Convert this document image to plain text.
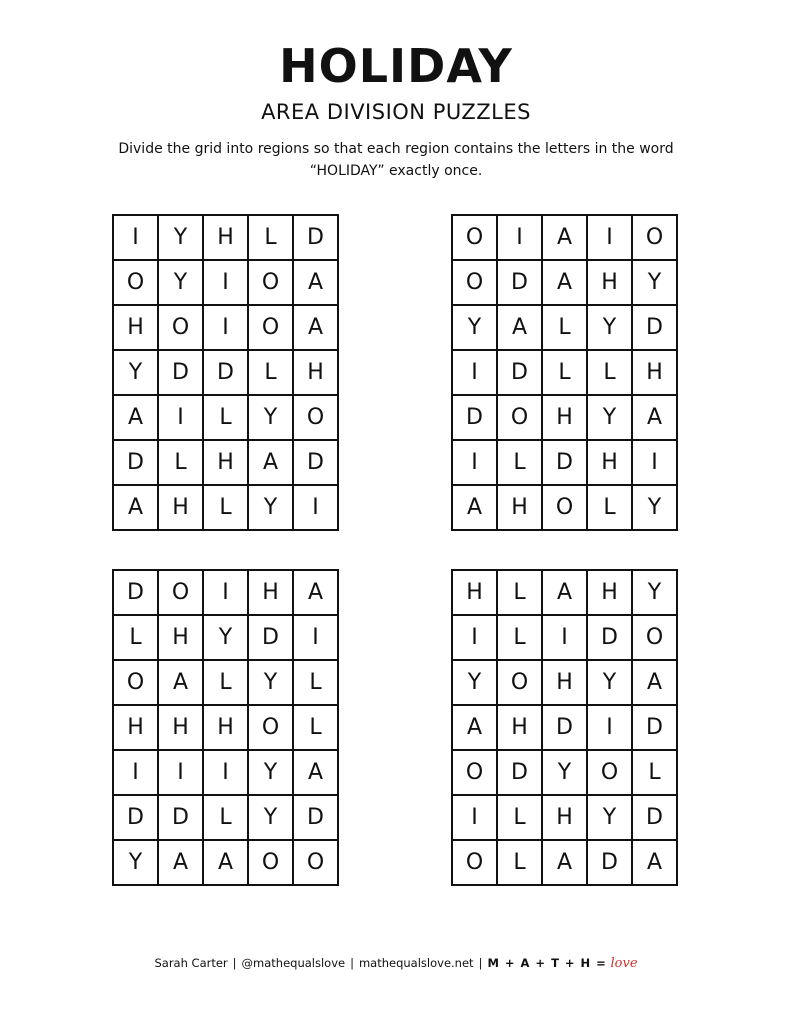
HOLIDAY
AREA DIVISION PUZZLES
Divide the grid into regions so that each region contains the letters in the word “HOLIDAY” exactly once.
I	Y	H	L	D
O	Y	I	O	A
H	O	I	O	A
Y	D	D	L	H
A	I	L	Y	O
D	L	H	A	D
A	H	L	Y	I
O	I	A	I	O
O	D	A	H	Y
Y	A	L	Y	D
I	D	L	L	H
D	O	H	Y	A
I	L	D	H	I
A	H	O	L	Y
D	O	I	H	A
L	H	Y	D	I
O	A	L	Y	L
H	H	H	O	L
I	I	I	Y	A
D	D	L	Y	D
Y	A	A	O	O
H	L	A	H	Y
I	L	I	D	O
Y	O	H	Y	A
A	H	D	I	D
O	D	Y	O	L
I	L	H	Y	D
O	L	A	D	A
Sarah Carter | @mathequalslove | mathequalslove.net | M + A + T + H = love
